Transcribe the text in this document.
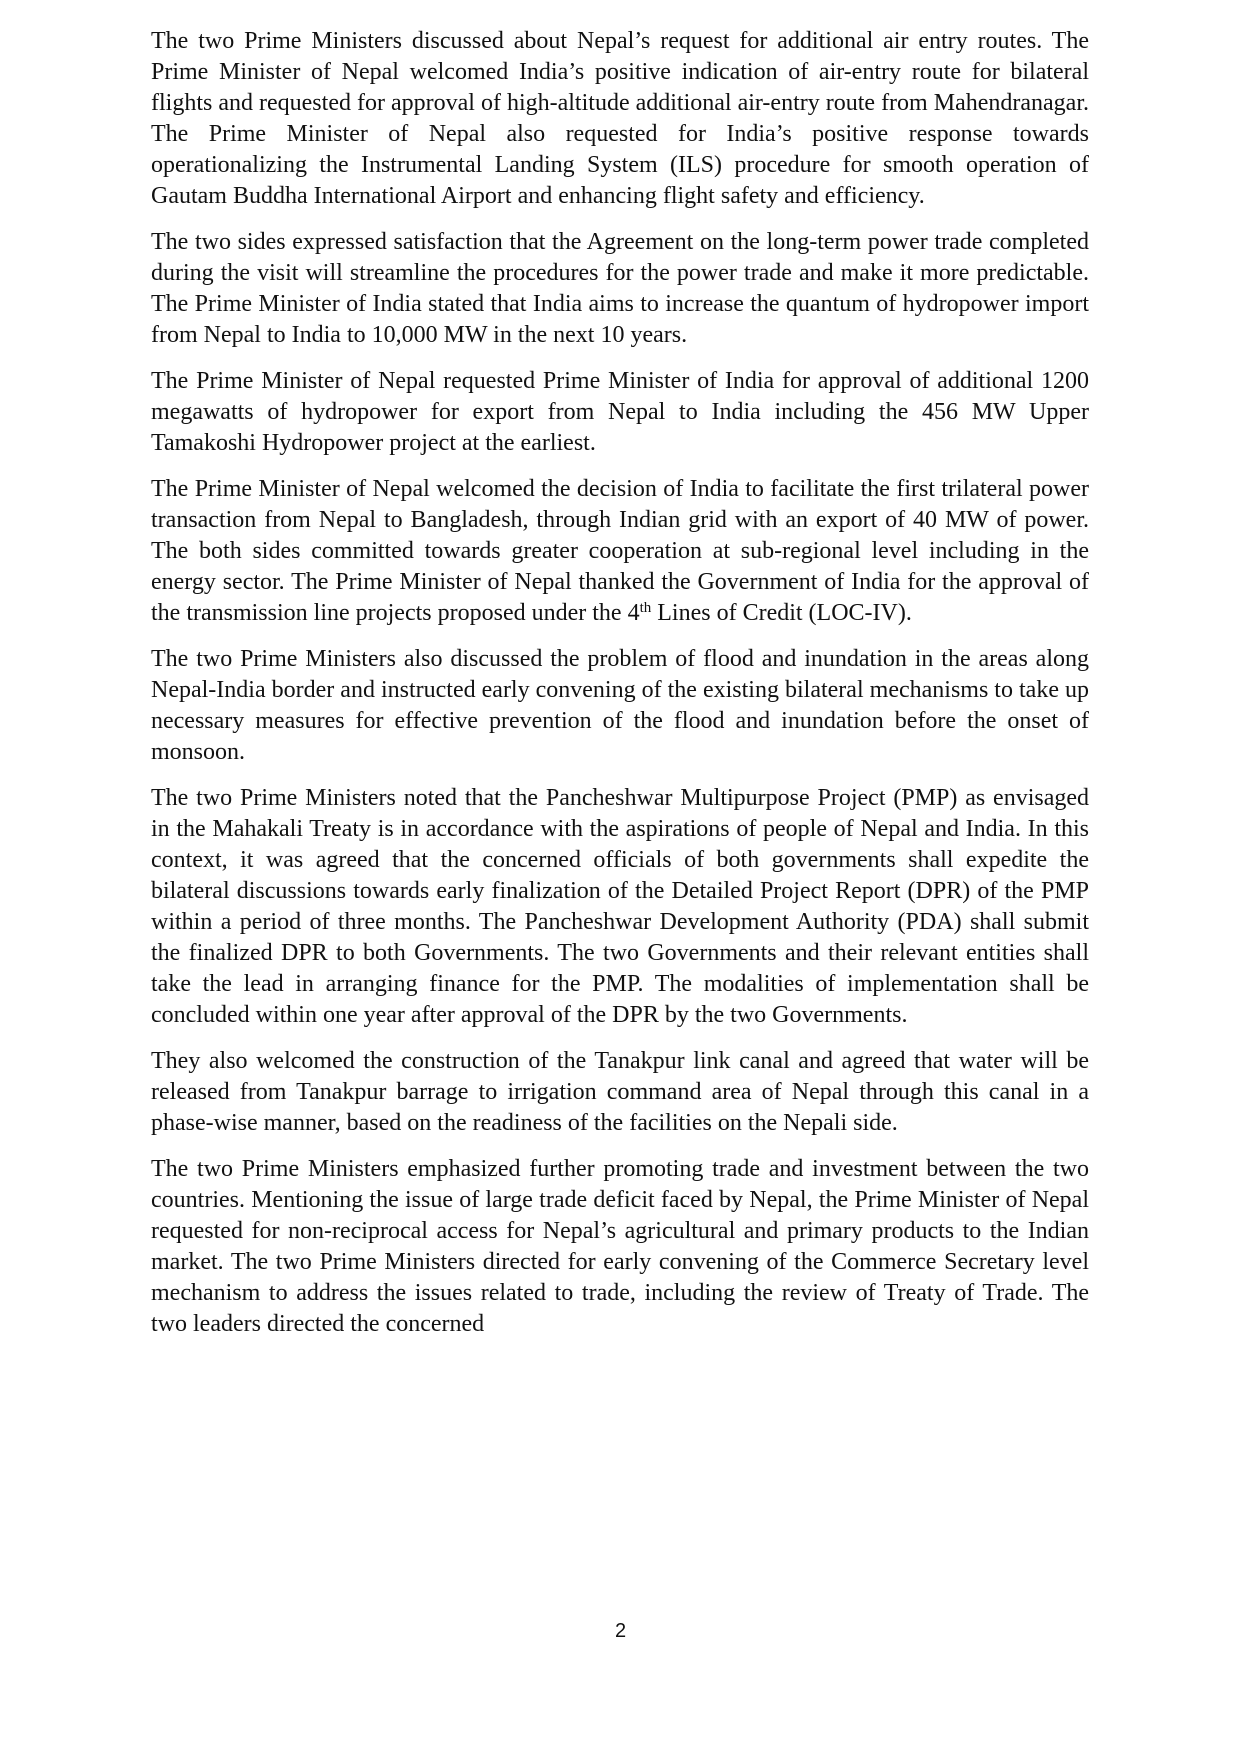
The two Prime Ministers discussed about Nepal’s request for additional air entry routes. The Prime Minister of Nepal welcomed India’s positive indication of air-entry route for bilateral flights and requested for approval of high-altitude additional air-entry route from Mahendranagar. The Prime Minister of Nepal also requested for India’s positive response towards operationalizing the Instrumental Landing System (ILS) procedure for smooth operation of Gautam Buddha International Airport and enhancing flight safety and efficiency.

The two sides expressed satisfaction that the Agreement on the long-term power trade completed during the visit will streamline the procedures for the power trade and make it more predictable. The Prime Minister of India stated that India aims to increase the quantum of hydropower import from Nepal to India to 10,000 MW in the next 10 years.

The Prime Minister of Nepal requested Prime Minister of India for approval of additional 1200 megawatts of hydropower for export from Nepal to India including the 456 MW Upper Tamakoshi Hydropower project at the earliest.

The Prime Minister of Nepal welcomed the decision of India to facilitate the first trilateral power transaction from Nepal to Bangladesh, through Indian grid with an export of 40 MW of power. The both sides committed towards greater cooperation at sub-regional level including in the energy sector. The Prime Minister of Nepal thanked the Government of India for the approval of the transmission line projects proposed under the 4th Lines of Credit (LOC-IV).

The two Prime Ministers also discussed the problem of flood and inundation in the areas along Nepal-India border and instructed early convening of the existing bilateral mechanisms to take up necessary measures for effective prevention of the flood and inundation before the onset of monsoon.

The two Prime Ministers noted that the Pancheshwar Multipurpose Project (PMP) as envisaged in the Mahakali Treaty is in accordance with the aspirations of people of Nepal and India. In this context, it was agreed that the concerned officials of both governments shall expedite the bilateral discussions towards early finalization of the Detailed Project Report (DPR) of the PMP within a period of three months. The Pancheshwar Development Authority (PDA) shall submit the finalized DPR to both Governments. The two Governments and their relevant entities shall take the lead in arranging finance for the PMP. The modalities of implementation shall be concluded within one year after approval of the DPR by the two Governments.

They also welcomed the construction of the Tanakpur link canal and agreed that water will be released from Tanakpur barrage to irrigation command area of Nepal through this canal in a phase-wise manner, based on the readiness of the facilities on the Nepali side.

The two Prime Ministers emphasized further promoting trade and investment between the two countries. Mentioning the issue of large trade deficit faced by Nepal, the Prime Minister of Nepal requested for non-reciprocal access for Nepal’s agricultural and primary products to the Indian market. The two Prime Ministers directed for early convening of the Commerce Secretary level mechanism to address the issues related to trade, including the review of Treaty of Trade. The two leaders directed the concerned

2
